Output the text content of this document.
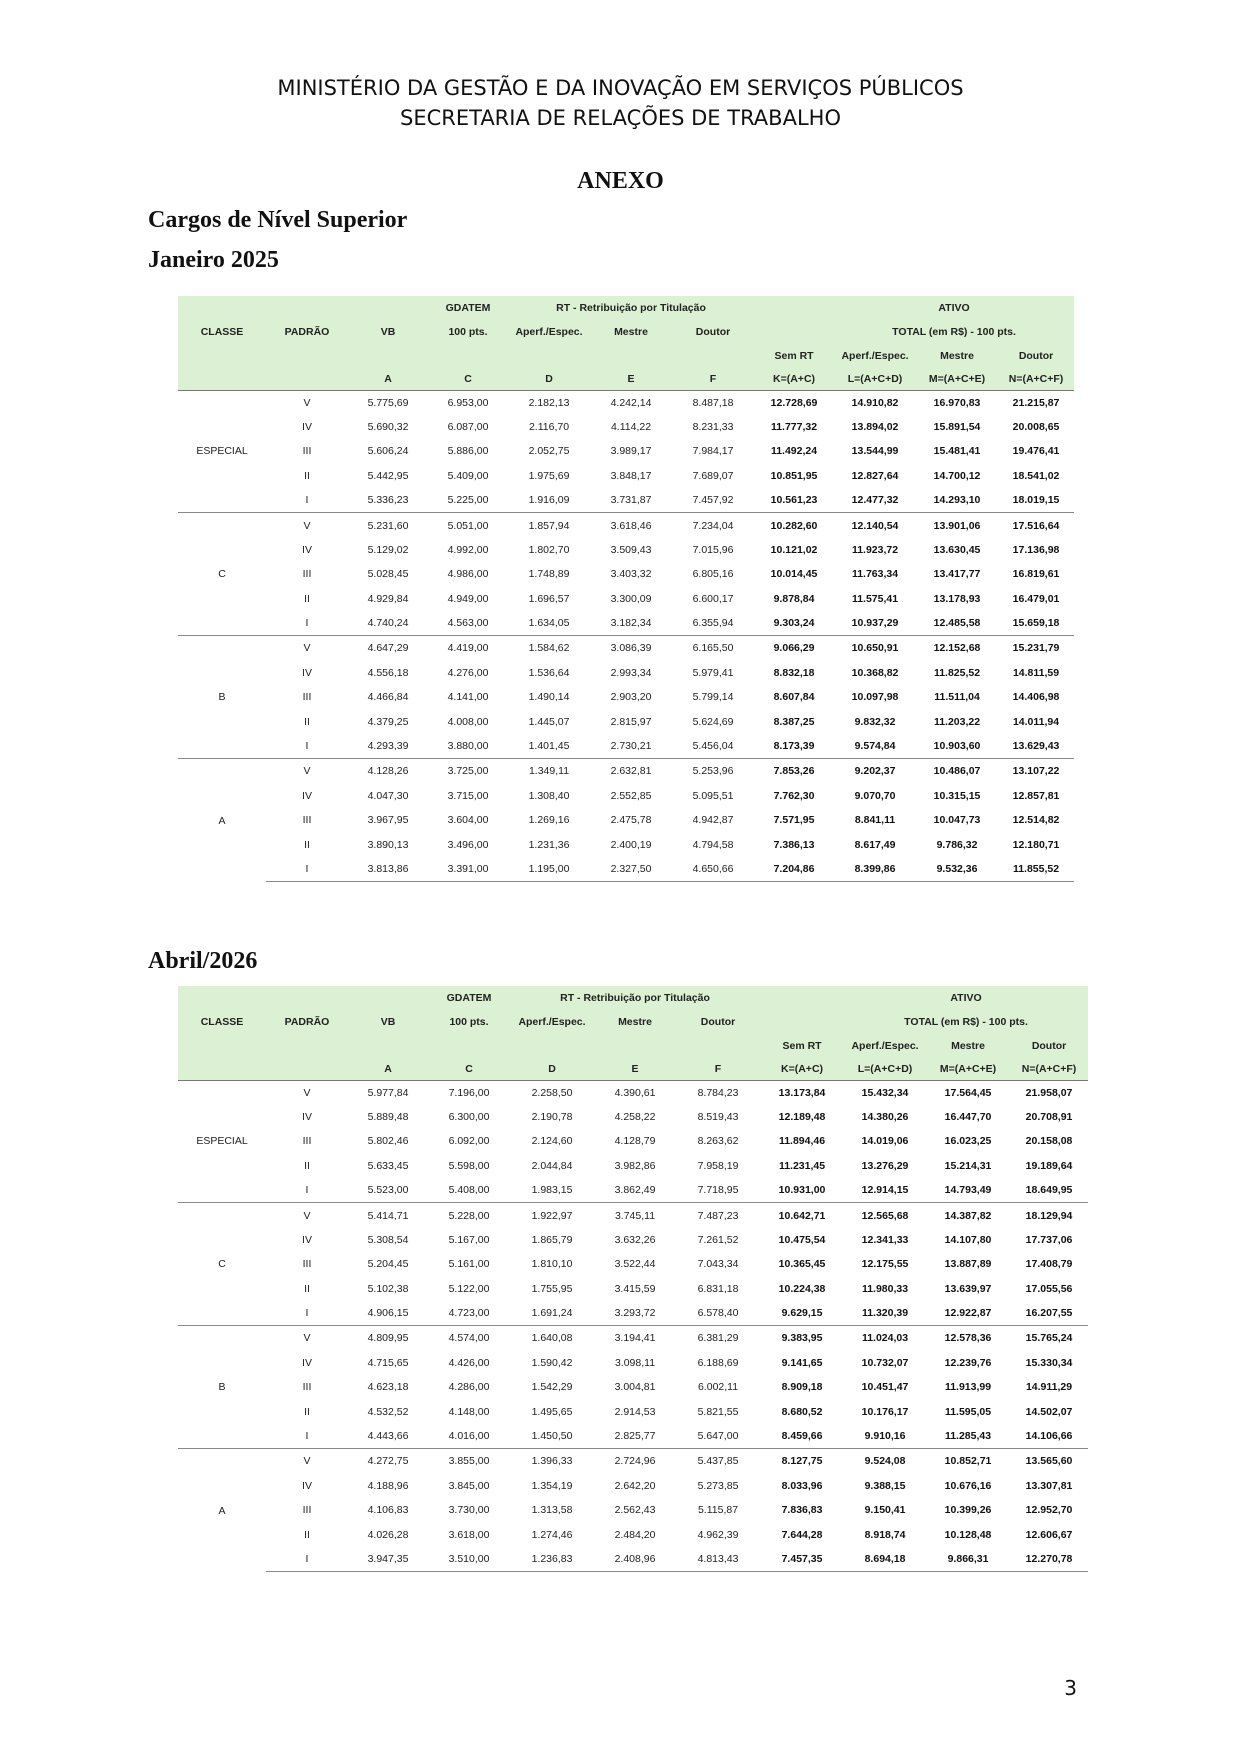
MINISTÉRIO DA GESTÃO E DA INOVAÇÃO EM SERVIÇOS PÚBLICOS
SECRETARIA DE RELAÇÕES DE TRABALHO
ANEXO
Cargos de Nível Superior
Janeiro 2025
Abril/2026
			GDATEM	RT - Retribuição por Titulação				ATIVO		
CLASSE	PADRÃO	VB	100 pts.	Aperf./Espec.	Mestre	Doutor		TOTAL (em R$) - 100 pts.		
							Sem RT	Aperf./Espec.	Mestre	Doutor
		A	C	D	E	F	K=(A+C)	L=(A+C+D)	M=(A+C+E)	N=(A+C+F)
ESPECIAL	V	5.775,69	6.953,00	2.182,13	4.242,14	8.487,18	12.728,69	14.910,82	16.970,83	21.215,87
	IV	5.690,32	6.087,00	2.116,70	4.114,22	8.231,33	11.777,32	13.894,02	15.891,54	20.008,65
	III	5.606,24	5.886,00	2.052,75	3.989,17	7.984,17	11.492,24	13.544,99	15.481,41	19.476,41
	II	5.442,95	5.409,00	1.975,69	3.848,17	7.689,07	10.851,95	12.827,64	14.700,12	18.541,02
	I	5.336,23	5.225,00	1.916,09	3.731,87	7.457,92	10.561,23	12.477,32	14.293,10	18.019,15
C	V	5.231,60	5.051,00	1.857,94	3.618,46	7.234,04	10.282,60	12.140,54	13.901,06	17.516,64
	IV	5.129,02	4.992,00	1.802,70	3.509,43	7.015,96	10.121,02	11.923,72	13.630,45	17.136,98
	III	5.028,45	4.986,00	1.748,89	3.403,32	6.805,16	10.014,45	11.763,34	13.417,77	16.819,61
	II	4.929,84	4.949,00	1.696,57	3.300,09	6.600,17	9.878,84	11.575,41	13.178,93	16.479,01
	I	4.740,24	4.563,00	1.634,05	3.182,34	6.355,94	9.303,24	10.937,29	12.485,58	15.659,18
B	V	4.647,29	4.419,00	1.584,62	3.086,39	6.165,50	9.066,29	10.650,91	12.152,68	15.231,79
	IV	4.556,18	4.276,00	1.536,64	2.993,34	5.979,41	8.832,18	10.368,82	11.825,52	14.811,59
	III	4.466,84	4.141,00	1.490,14	2.903,20	5.799,14	8.607,84	10.097,98	11.511,04	14.406,98
	II	4.379,25	4.008,00	1.445,07	2.815,97	5.624,69	8.387,25	9.832,32	11.203,22	14.011,94
	I	4.293,39	3.880,00	1.401,45	2.730,21	5.456,04	8.173,39	9.574,84	10.903,60	13.629,43
A	V	4.128,26	3.725,00	1.349,11	2.632,81	5.253,96	7.853,26	9.202,37	10.486,07	13.107,22
	IV	4.047,30	3.715,00	1.308,40	2.552,85	5.095,51	7.762,30	9.070,70	10.315,15	12.857,81
	III	3.967,95	3.604,00	1.269,16	2.475,78	4.942,87	7.571,95	8.841,11	10.047,73	12.514,82
	II	3.890,13	3.496,00	1.231,36	2.400,19	4.794,58	7.386,13	8.617,49	9.786,32	12.180,71
	I	3.813,86	3.391,00	1.195,00	2.327,50	4.650,66	7.204,86	8.399,86	9.532,36	11.855,52
			GDATEM	RT - Retribuição por Titulação				ATIVO		
CLASSE	PADRÃO	VB	100 pts.	Aperf./Espec.	Mestre	Doutor		TOTAL (em R$) - 100 pts.		
							Sem RT	Aperf./Espec.	Mestre	Doutor
		A	C	D	E	F	K=(A+C)	L=(A+C+D)	M=(A+C+E)	N=(A+C+F)
ESPECIAL	V	5.977,84	7.196,00	2.258,50	4.390,61	8.784,23	13.173,84	15.432,34	17.564,45	21.958,07
	IV	5.889,48	6.300,00	2.190,78	4.258,22	8.519,43	12.189,48	14.380,26	16.447,70	20.708,91
	III	5.802,46	6.092,00	2.124,60	4.128,79	8.263,62	11.894,46	14.019,06	16.023,25	20.158,08
	II	5.633,45	5.598,00	2.044,84	3.982,86	7.958,19	11.231,45	13.276,29	15.214,31	19.189,64
	I	5.523,00	5.408,00	1.983,15	3.862,49	7.718,95	10.931,00	12.914,15	14.793,49	18.649,95
C	V	5.414,71	5.228,00	1.922,97	3.745,11	7.487,23	10.642,71	12.565,68	14.387,82	18.129,94
	IV	5.308,54	5.167,00	1.865,79	3.632,26	7.261,52	10.475,54	12.341,33	14.107,80	17.737,06
	III	5.204,45	5.161,00	1.810,10	3.522,44	7.043,34	10.365,45	12.175,55	13.887,89	17.408,79
	II	5.102,38	5.122,00	1.755,95	3.415,59	6.831,18	10.224,38	11.980,33	13.639,97	17.055,56
	I	4.906,15	4.723,00	1.691,24	3.293,72	6.578,40	9.629,15	11.320,39	12.922,87	16.207,55
B	V	4.809,95	4.574,00	1.640,08	3.194,41	6.381,29	9.383,95	11.024,03	12.578,36	15.765,24
	IV	4.715,65	4.426,00	1.590,42	3.098,11	6.188,69	9.141,65	10.732,07	12.239,76	15.330,34
	III	4.623,18	4.286,00	1.542,29	3.004,81	6.002,11	8.909,18	10.451,47	11.913,99	14.911,29
	II	4.532,52	4.148,00	1.495,65	2.914,53	5.821,55	8.680,52	10.176,17	11.595,05	14.502,07
	I	4.443,66	4.016,00	1.450,50	2.825,77	5.647,00	8.459,66	9.910,16	11.285,43	14.106,66
A	V	4.272,75	3.855,00	1.396,33	2.724,96	5.437,85	8.127,75	9.524,08	10.852,71	13.565,60
	IV	4.188,96	3.845,00	1.354,19	2.642,20	5.273,85	8.033,96	9.388,15	10.676,16	13.307,81
	III	4.106,83	3.730,00	1.313,58	2.562,43	5.115,87	7.836,83	9.150,41	10.399,26	12.952,70
	II	4.026,28	3.618,00	1.274,46	2.484,20	4.962,39	7.644,28	8.918,74	10.128,48	12.606,67
	I	3.947,35	3.510,00	1.236,83	2.408,96	4.813,43	7.457,35	8.694,18	9.866,31	12.270,78
3
